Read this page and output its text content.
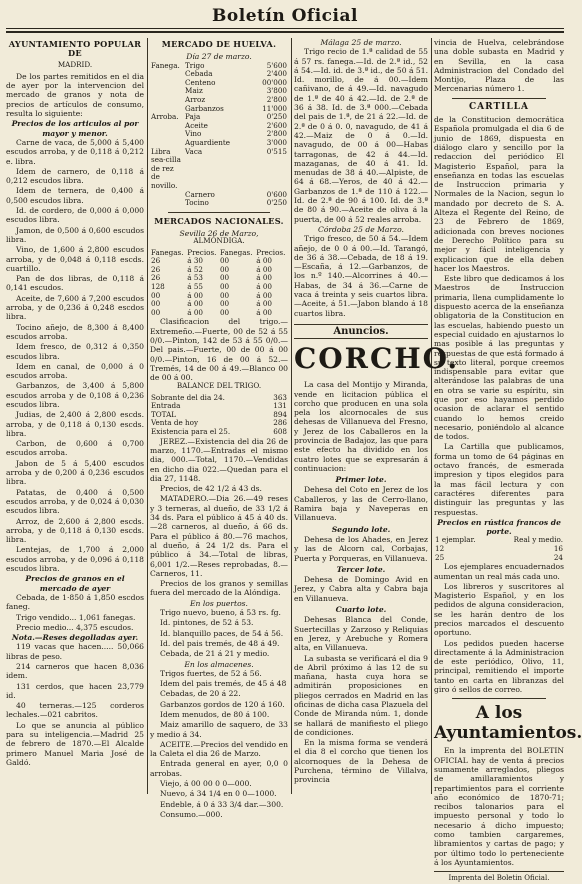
Boletín Oficial
AYUNTAMIENTO POPULAR DE
MADRID.

De los partes remitidos en el dia de ayer por la intervencion del mercado de granos y nota de precios de artículos de consumo, resulta lo siguiente:

Precios de los articulos al por mayor y menor.

Carne de vaca, de 5,000 á 5,400 escudos arroba, y de 0,118 á 0,212 e. libra.

Idem de carnero, de 0,118 á 0,212 escudos libra.

Idem de ternera, de 0,400 á 0,500 escudos libra.

Id. de cordero, de 0,000 á 0,000 escudos libra.

Jamon, de 0,500 á 0,600 escudos libra.

Vino, de 1,600 á 2,800 escudos arroba, y de 0,048 á 0,118 escds. cuartillo.

Pan de dos libras, de 0,118 á 0,141 escudos.

Aceite, de 7,600 á 7,200 escudos arroba, y de 0,236 á 0,248 escdos libra.

Tocino añejo, de 8,300 á 8,400 escudos arroba.

Idem fresco, de 0,312 á 0,350 escudos libra.

Idem en canal, de 0,000 á 0 escudos arroba.

Garbanzos, de 3,400 á 5,800 escudos arroba y de 0,108 á 0,236 escudos libra.

Judias, de 2,400 á 2,800 escds. arroba, y de 0,118 á 0,130 escds. libra.

Carbon, de 0,600 á 0,700 escudos arroba.

Jabon de 5 á 5,400 escudos arroba y de 0,200 á 0,236 escudos libra.

Patatas, de 0,400 á 0,500 escudos arroba, y de 0,024 á 0,030 escudos libra.

Arroz, de 2,600 á 2,800 escds. arroba, y de 0,118 á 0,130 escds. libra.

Lentejas, de 1,700 á 2,000 escudos arroba, y de 0,096 á 0,118 escudos libra.

Precios de granos en el mercado de ayer

Cebada, de 1·850 á 1,850 escdos faneg.

Trigo vendido... 1,061 fanegas.

Precio medio... 4,375 escudos.

Nota.—Reses degolladas ayer.

119 vacas que hacen..... 50,066 libras de peso.

214 carneros que hacen 8,036 idem.

131 cerdos, que hacen 23,779 id.

40 terneras.—125 corderos lechales.—021 cabritos.

Lo que se anuncia al público para su inteligencia.—Madrid 25 de febrero de 1870.—El Alcalde primero Manuel Maria José de Galdó.

MERCADO DE HUELVA.
Día 27 de marzo.
Fanega.	Trigo	5'600
	Cebada	2'400
	Centeno	00'000
	Maiz	3'800
	Arroz	2'800
	Garbanzos	11'000
Arroba.	Paja	0'250
	Aceite	2'600
	Vino	2'800
	Aguardiente	3'000
Libra sea-cilla de rez de novillo.	Vaca	0'515
	Carnero	0'600
	Tocino	0'250
MERCADOS NACIONALES.
Sevilla 26 de Marzo,
ALMÓNDIGA.
Fanegas.	Precios.	Fanegas.	Precios.
26	á 30	00	á 00
26	á 52	00	á 00
26	á 53	00	á 00
128	á 55	00	á 00
00	á 00	00	á 00
00	á 00	00	á 00
00	á 00	00	á 00

Clasificacion del trigo.—Extremeño.—Fuerte, 00 de 52 á 55 0/0.—Pinton, 142 de 53 á 55 0/0.—Del pais.—Fuerte, 00 de 00 á 00 0/0.—Pinton, 16 de 00 á 52.—Tremés, 14 de 00 á 49.—Blanco 00 de 00 á 00.

BALANCE DEL TRIGO.
Sobrante del dia 24.	363
Entrada	131
TOTAL	894
Venta de hoy	286
Existencia para el 25.	608

JEREZ.—Existencia del dia 26 de marzo, 1170.—Entradas el mismo dia, 000.—Total, 1170.—Vendidas en dicho dia 022.—Quedan para el dia 27, 1148.

Precios, de 42 1/2 á 43 ds.

MATADERO.—Dia 26.—49 reses y 3 terneras, al dueño, de 33 1/2 á 34 ds. Para el público á 45 á 40 ds.—28 carneros, al dueño, á 66 ds. Para el público á 80.—76 machos, al dueño, á 24 1/2 ds. Para el público á 34.—Total de libras, 6,001 1/2.—Reses reprobadas, 8.—Carneros, 11.

Precios de los granos y semillas fuera del mercado de la Alóndiga.

En los puertos.

Trigo nuevo, bueno, á 53 rs. fg.

Id. pintones, de 52 á 53.

Id. blanquillo paces, de 54 á 56.

Id. del pais tremés, de 48 á 49.

Cebada, de 21 á 21 y medio.

En los almacenes.

Trigos fuertes, de 52 á 56.

Idem del pais tremés, de 45 á 48

Cebadas, de 20 á 22.

Garbanzos gordos de 120 á 160.

Idem menudos, de 80 á 100.

Maiz amarillo de saquero, de 33 y medio á 34.

ACEITE.—Precios del vendido en la Caleta el dia 26 de Marzo.

Entrada general en ayer, 0,0 0 arrobas.

Viejo, á 00 00 0 0—000.

Nuevo, á 34 1/4 en 0 0—1000.

Endeble, á 0 á 33 3/4 dar.—300.

Consumo.—000.

Málaga 25 de marzo.

Trigo recio de 1.ª calidad de 55 á 57 rs. fanega.—Id. de 2.ª id., 52 á 54.—Id. id. de 3.ª id., de 50 á 51. Id. morillo, de á 00.—Idem cañivano, de á 49.—Id. navagudo de 1.ª de 40 á 42.—Id. de 2.ª de 36 á 38. Id. de 3.ª 000.—Cebada del pais de 1.ª, de 21 á 22.—Id. de 2.ª de 0 á 0. 0, navagudo, de 41 á 42.—Maiz de 0 á 0.—Id. navagudo, de 00 á 00—Habas tarragonas, de 42 á 44.—Id. mazaganas, de 40 á 41. Id. menudas de 38 á 40.—Alpiste, de 64 á 68.—Yeros, de 40 á 42.—Garbanzos de 1.ª de 110 á 122.—Id. de 2.ª de 90 á 100. Id. de 3.ª de 80 á 90.—Aceite de oliva á la puerta, de 00 á 52 reales arroba.

Córdoba 25 de Marzo.

Trigo fresco, de 50 á 54.—Idem añejo, de 0 0 á 00.—Id. Tarangó, de 36 á 38.—Cebada, de 18 á 19.—Escaña, á 12.—Garbanzos, de los n.º 140.—Alcorrines á 40.—Habas, de 34 á 36.—Carne de vaca á treinta y seis cuartos libra.—Aceite, á 51.—Jabon blando á 18 cuartos libra.

Anuncios.
CORCHO.

La casa del Montijo y Miranda, vende en licitacion pública el corcho que producen en una sola pela los alcornocales de sus dehesas de Villanueva del Fresno, y Jerez de los Caballeros en la provincia de Badajoz, las que para este efecto ha dividido en los cuatro lotes que se expresarán á continuacion:

Primer lote.

Dehesa del Coto en Jerez de los Caballeros, y las de Cerro-llano, Ramira baja y Naveperas en Villanueva.

Segundo lote.

Dehesa de los Ahades, en Jerez y las de Alcorn cal, Corbajas, Puerta y Porqueras, en Villanueva.

Tercer lote.

Dehesa de Domingo Avid en Jerez, y Cabra alta y Cabra baja en Villanueva.

Cuarto lote.

Dehesas Blanca del Conde, Suertecillas y Zarzoso y Reliquias en Jerez, y Arebuche y Romera alta, en Villanueva.

La subasta se verificará el dia 9 de Abril próximo á las 12 de su mañana, hasta cuya hora se admitirán proposiciones en pliegos cerrados en Madrid en las oficinas de dicha casa Plazuela del Conde de Miranda núm. 1, donde se hallará de manifiesto el pliego de condiciones.

En la misma forma se venderá el dia 8 el corcho que tienen los alcornoques de la Dehesa de Purchena, término de Villalva, provincia

vincia de Huelva, celebrándose una doble subasta en Madrid y en Sevilla, en la casa Administracion del Condado del Montijo, Plaza de las Mercenarias número 1.

CARTILLA

de la Constitucion democrática Española promulgada el dia 6 de junio de 1869, dispuesta en diálogo claro y sencillo por la redaccion del periódico El Magisterio Español, para la enseñanza en todas las escuelas de Instruccion primaria y Normales de la Nacion, segun lo mandado por decreto de S. A. Alteza el Regente del Reino, de 23 de Febrero de 1869, adicionada con breves nociones de Derecho Político para su mejor y fácil inteligencia y explicacion que de ella deben hacer los Maestros.

Este libro que dedicamos á los Maestros de Instruccion primaria, llena cumplidamente lo dispuesto acerca de la enseñanza obligatoria de la Constitucion en las escuelas, habiendo puesto un especial cuidado en ajustarnos lo mas posible á las preguntas y respuestas de que está formado á su texto literal, porque creemos indispensable para evitar que alterándose las palabras de una en otra se varie su espíritu, sin que por eso hayamos perdido ocasion de aclarar el sentido cuando lo hemos creido necesario, poniéndolo al alcance de todos.

La Cartilla que publicamos, forma un tomo de 64 páginas en octavo francés, de esmerada impresion y tipos elegidos para la mas fácil lectura y con caractéres diferentes para distinguir las preguntas y las respuestas.

Precios en rústica francos de porte.
1 ejemplar.	Real y medio.
12	16
25	24

Los ejemplares encuadernados aumentan un real más cada uno.

Los libreros y suscritores al Magisterio Español, y en los pedidos de alguna consideracion, se les harán dentro de los precios marcados el descuento oportuno.

Los pedidos pueden hacerse directamente á la Administracion de este periódico, Olivo, 11, principal, remitiendo el importe tanto en carta en libranzas del giro ó sellos de correo.

A los Ayuntamientos.

En la imprenta del BOLETIN OFICIAL hay de venta á precios sumamente arreglados, pliegos de amillaramientos y repartimientos para el corriente año económico de 1870-71; recibos talonarios para el impuesto personal y todo lo necesario á dicho impuesto; como tambien cargaremes, libramientos y cartas de pago; y por último todo lo perteneciente á los Ayuntamientos.

Imprenta del Boletin Oficial.
